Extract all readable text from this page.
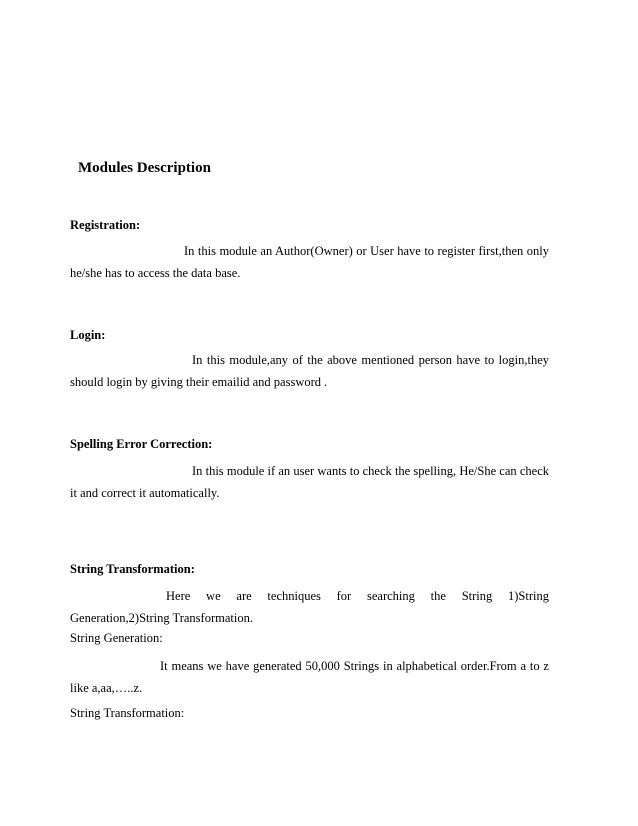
Modules Description
Registration:

In this module an Author(Owner) or User have to register first,then only he/she has to access the data base.

Login:

In this module,any of the above mentioned person have to login,they should login by giving their emailid and password .

Spelling Error Correction:

In this module if an user wants to check the spelling, He/She can check it and correct it automatically.

String Transformation:

Here we are techniques for searching the String 1)String Generation,2)String Transformation.

String Generation:

It means we have generated 50,000 Strings in alphabetical order.From a to z like a,aa,…..z.

String Transformation:
